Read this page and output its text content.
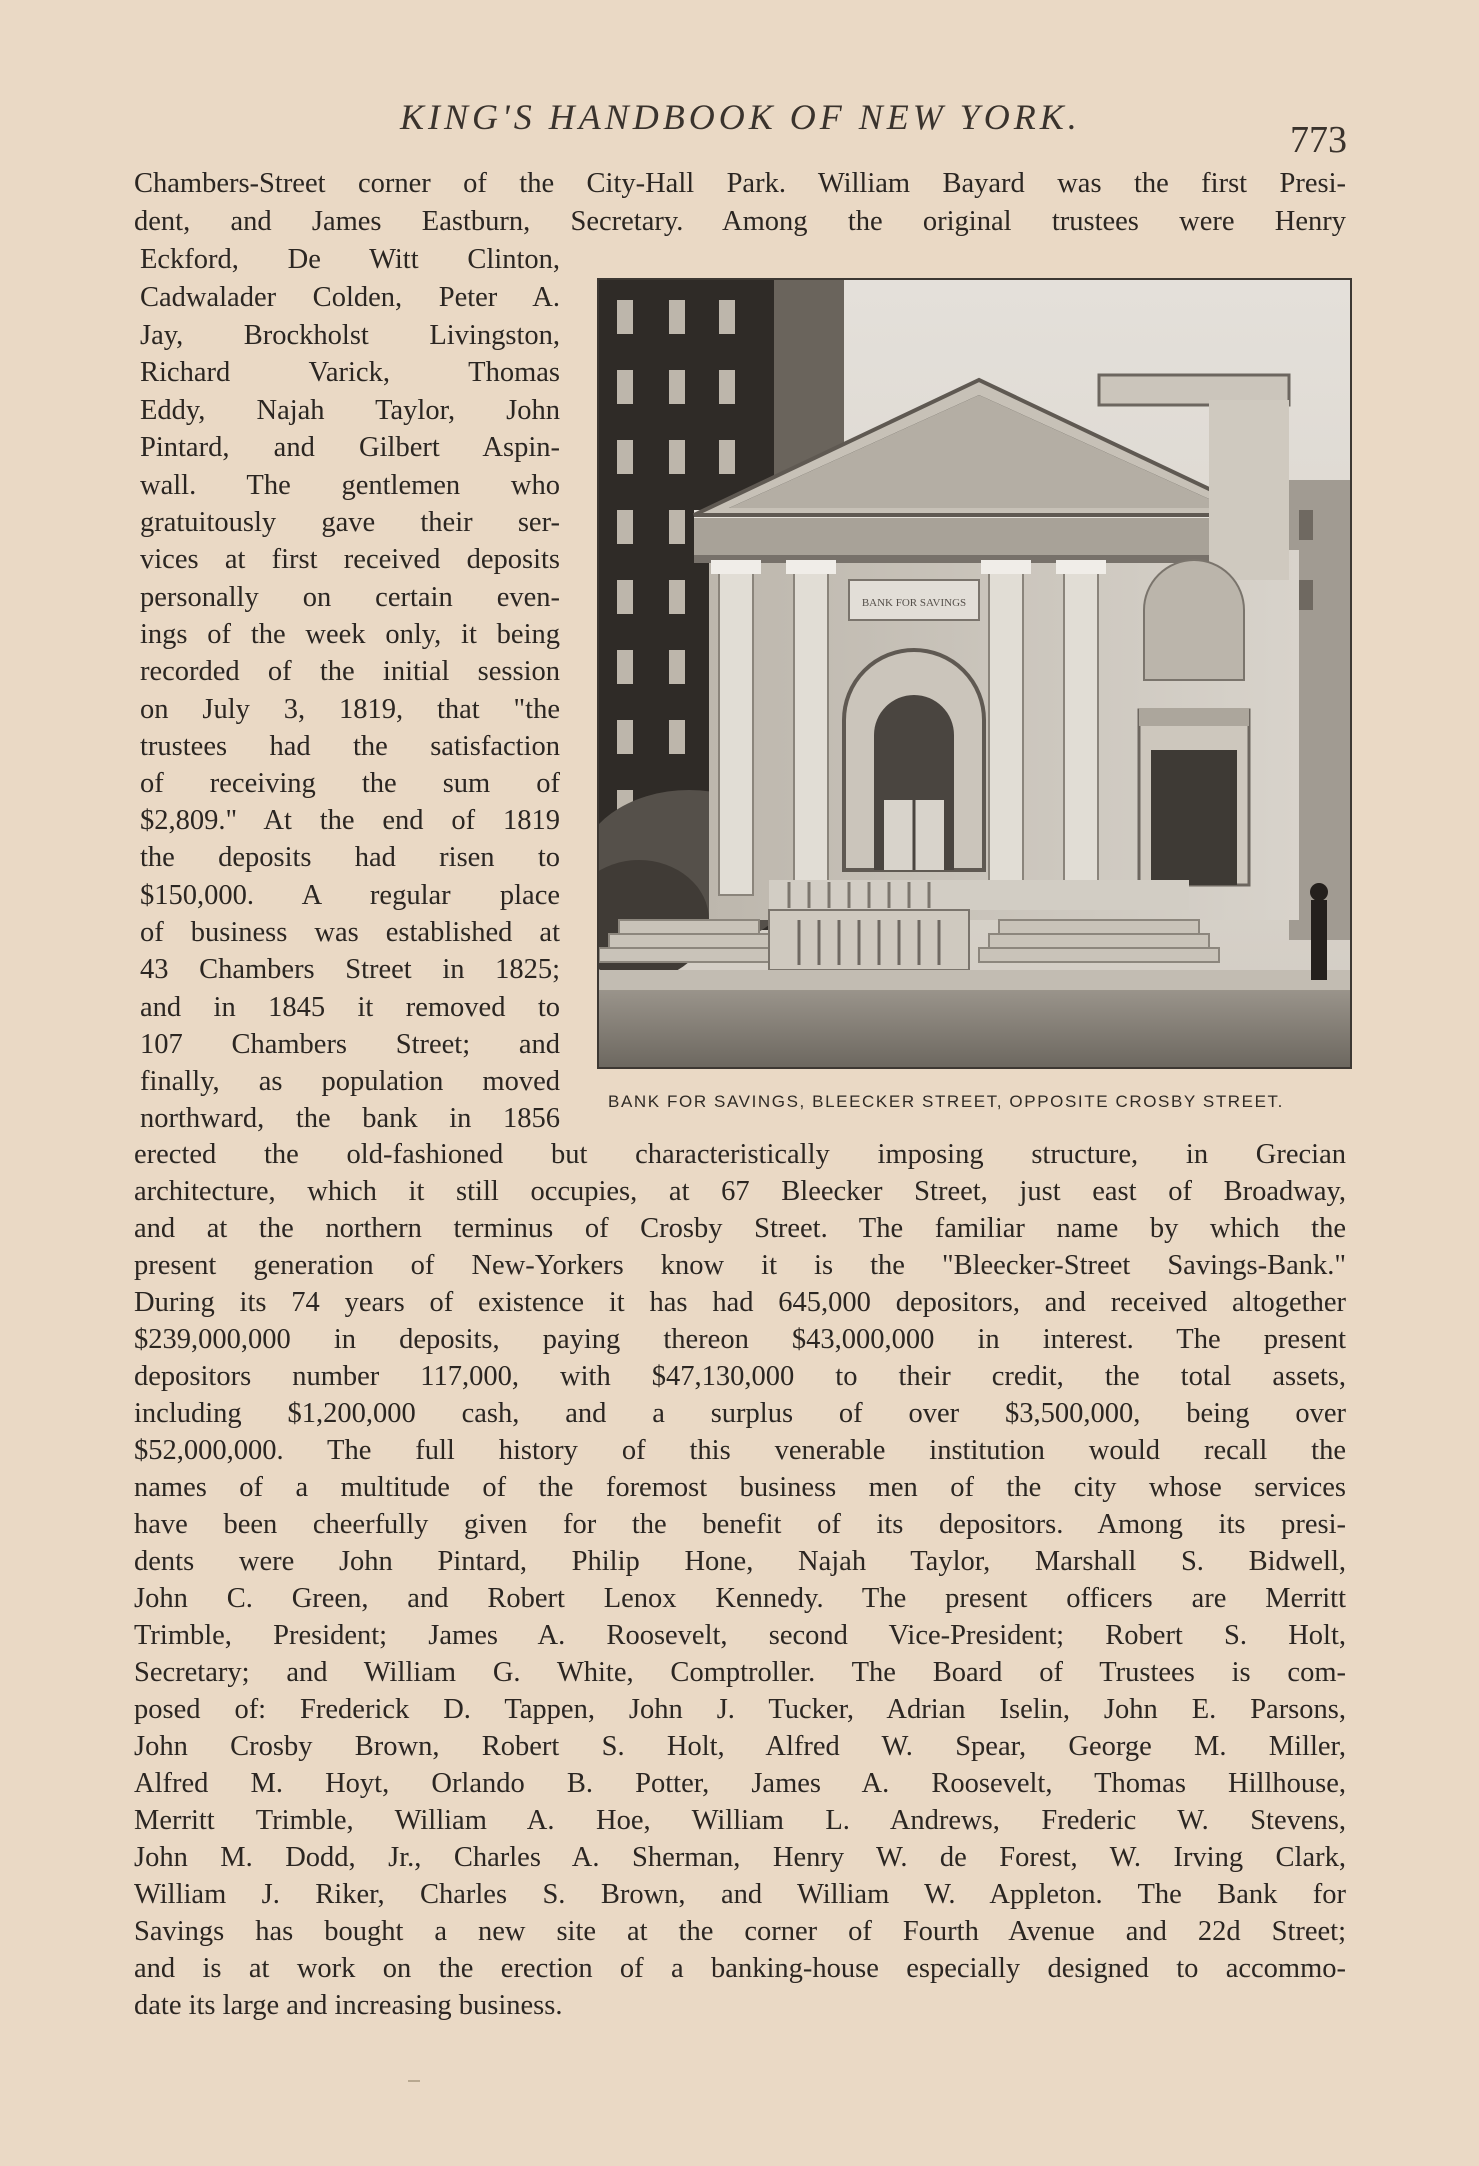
KING'S HANDBOOK OF NEW YORK.
773
Chambers-Street corner of the City-Hall Park. William Bayard was the first Presi-
dent, and James Eastburn, Secretary. Among the original trustees were Henry
Eckford, De Witt Clinton,
Cadwalader Colden, Peter A.
Jay, Brockholst Livingston,
Richard Varick, Thomas
Eddy, Najah Taylor, John
Pintard, and Gilbert Aspin-
wall. The gentlemen who
gratuitously gave their ser-
vices at first received deposits
personally on certain even-
ings of the week only, it being
recorded of the initial session
on July 3, 1819, that "the
trustees had the satisfaction
of receiving the sum of
$2,809." At the end of 1819
the deposits had risen to
$150,000. A regular place
of business was established at
43 Chambers Street in 1825;
and in 1845 it removed to
107 Chambers Street; and
finally, as population moved
northward, the bank in 1856
BANK FOR SAVINGS
BANK FOR SAVINGS, BLEECKER STREET, OPPOSITE CROSBY STREET.
erected the old-fashioned but characteristically imposing structure, in Grecian
architecture, which it still occupies, at 67 Bleecker Street, just east of Broadway,
and at the northern terminus of Crosby Street. The familiar name by which the
present generation of New-Yorkers know it is the "Bleecker-Street Savings-Bank."
During its 74 years of existence it has had 645,000 depositors, and received altogether
$239,000,000 in deposits, paying thereon $43,000,000 in interest. The present
depositors number 117,000, with $47,130,000 to their credit, the total assets,
including $1,200,000 cash, and a surplus of over $3,500,000, being over
$52,000,000. The full history of this venerable institution would recall the
names of a multitude of the foremost business men of the city whose services
have been cheerfully given for the benefit of its depositors. Among its presi-
dents were John Pintard, Philip Hone, Najah Taylor, Marshall S. Bidwell,
John C. Green, and Robert Lenox Kennedy. The present officers are Merritt
Trimble, President; James A. Roosevelt, second Vice-President; Robert S. Holt,
Secretary; and William G. White, Comptroller. The Board of Trustees is com-
posed of: Frederick D. Tappen, John J. Tucker, Adrian Iselin, John E. Parsons,
John Crosby Brown, Robert S. Holt, Alfred W. Spear, George M. Miller,
Alfred M. Hoyt, Orlando B. Potter, James A. Roosevelt, Thomas Hillhouse,
Merritt Trimble, William A. Hoe, William L. Andrews, Frederic W. Stevens,
John M. Dodd, Jr., Charles A. Sherman, Henry W. de Forest, W. Irving Clark,
William J. Riker, Charles S. Brown, and William W. Appleton. The Bank for
Savings has bought a new site at the corner of Fourth Avenue and 22d Street;
and is at work on the erection of a banking-house especially designed to accommo-
date its large and increasing business.
